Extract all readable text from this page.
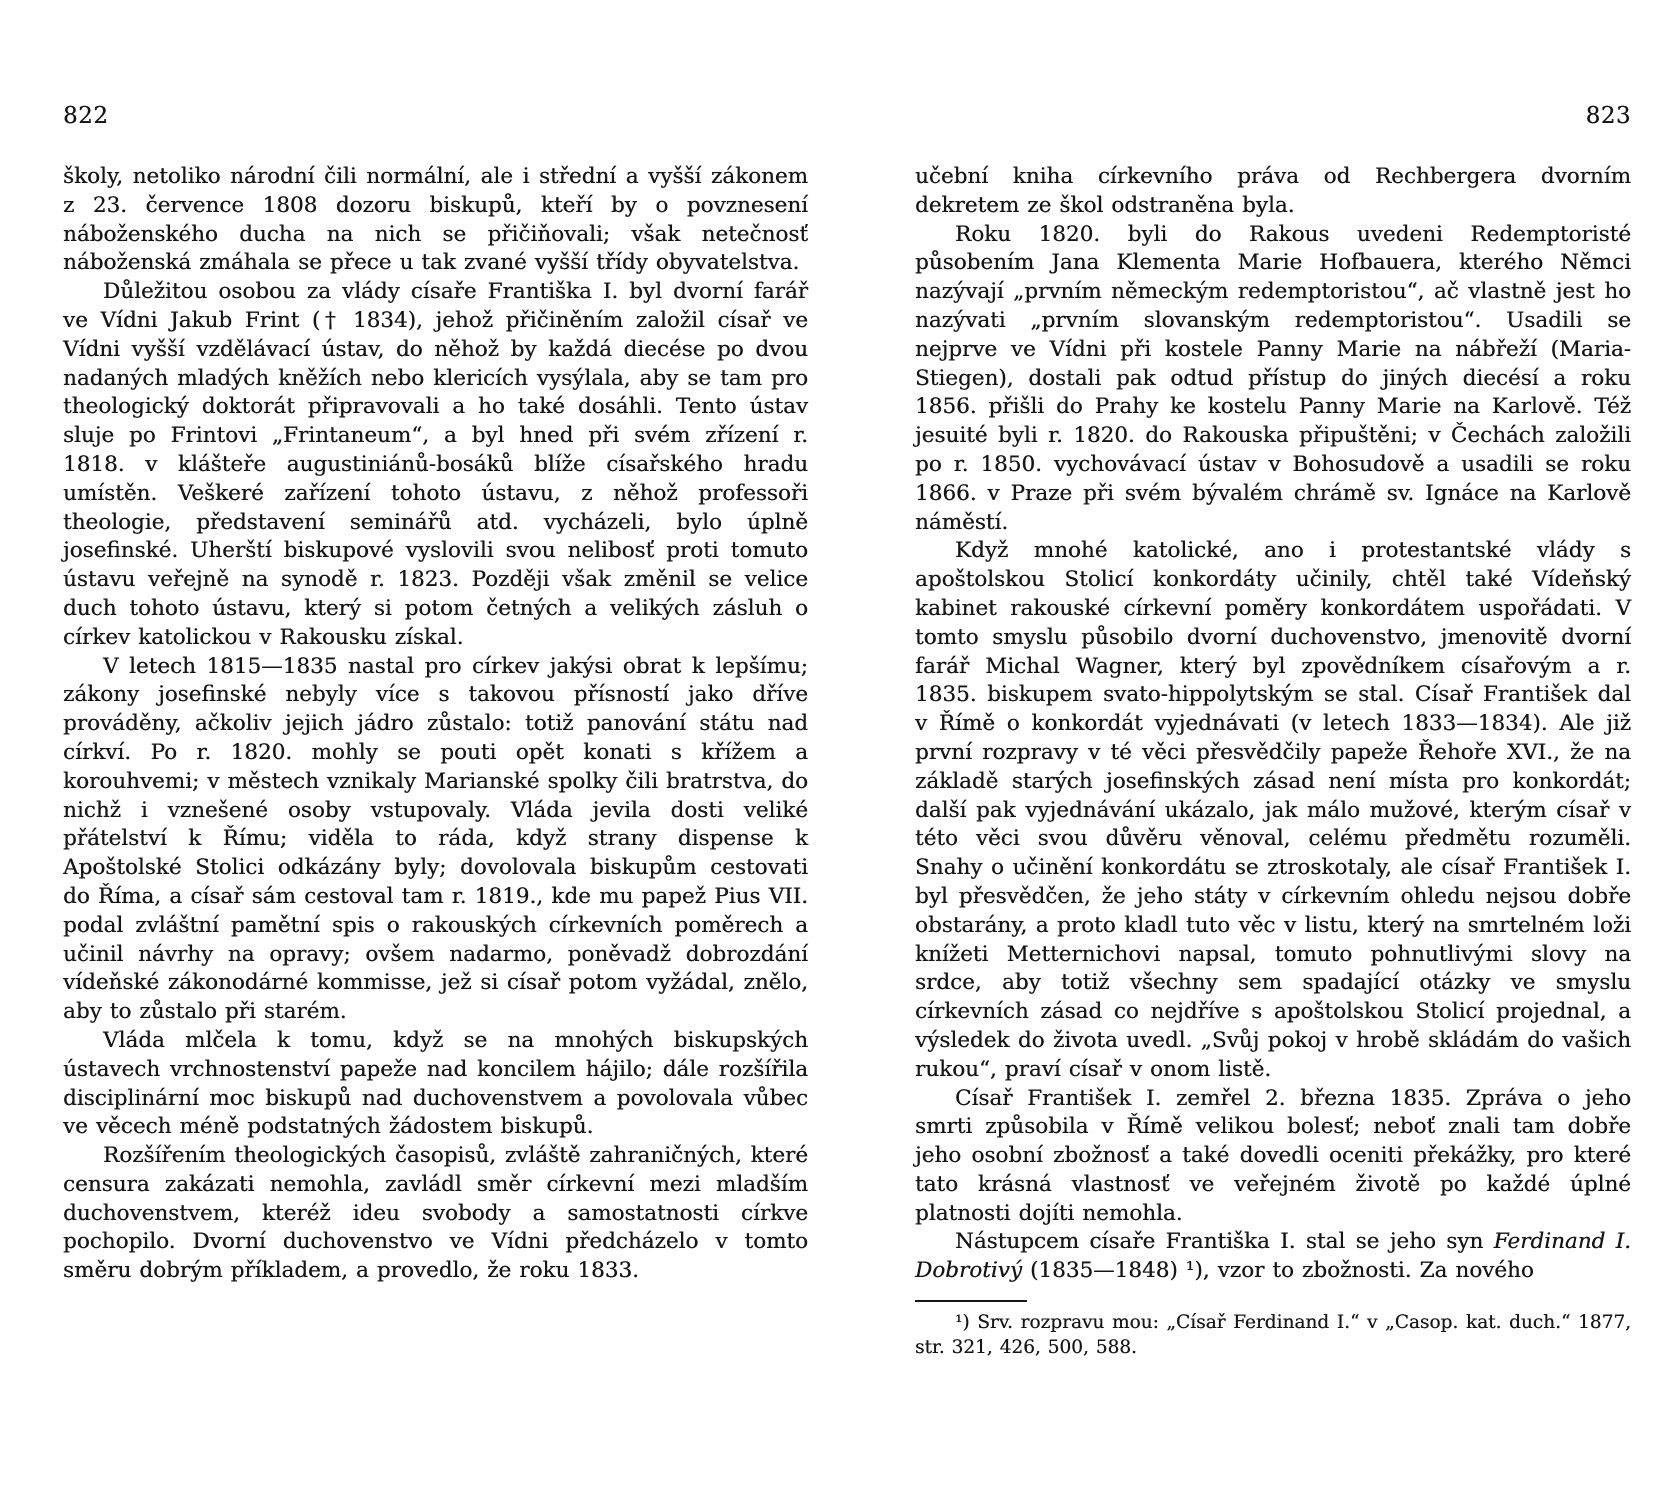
822

školy, netoliko národní čili normální, ale i střední a vyšší zákonem z 23. července 1808 dozoru biskupů, kteří by o povznesení náboženského ducha na nich se přičiňovali; však netečnosť náboženská zmáhala se přece u tak zvané vyšší třídy obyvatelstva.

Důležitou osobou za vlády císaře Františka I. byl dvorní farář ve Vídni Jakub Frint († 1834), jehož přičiněním založil císař ve Vídni vyšší vzdělávací ústav, do něhož by každá diecése po dvou nadaných mladých kněžích nebo klericích vysýlala, aby se tam pro theologický doktorát připravovali a ho také dosáhli. Tento ústav sluje po Frintovi „Frintaneum“, a byl hned při svém zřízení r. 1818. v klášteře augustiniánů-bosáků blíže císařského hradu umístěn. Veškeré zařízení tohoto ústavu, z něhož professoři theologie, představení seminářů atd. vycházeli, bylo úplně josefinské. Uherští biskupové vyslovili svou nelibosť proti tomuto ústavu veřejně na synodě r. 1823. Později však změnil se velice duch tohoto ústavu, který si potom četných a velikých zásluh o církev katolickou v Rakousku získal.

V letech 1815—1835 nastal pro církev jakýsi obrat k lepšímu; zákony josefinské nebyly více s takovou přísností jako dříve prováděny, ačkoliv jejich jádro zůstalo: totiž panování státu nad církví. Po r. 1820. mohly se pouti opět konati s křížem a korouhvemi; v městech vznikaly Marianské spolky čili bratrstva, do nichž i vznešené osoby vstupovaly. Vláda jevila dosti veliké přátelství k Římu; viděla to ráda, když strany dispense k Apoštolské Stolici odkázány byly; dovolovala biskupům cestovati do Říma, a císař sám cestoval tam r. 1819., kde mu papež Pius VII. podal zvláštní pamětní spis o rakouských církevních poměrech a učinil návrhy na opravy; ovšem nadarmo, poněvadž dobrozdání vídeňské zákonodárné kommisse, jež si císař potom vyžádal, znělo, aby to zůstalo při starém.

Vláda mlčela k tomu, když se na mnohých biskupských ústavech vrchnostenství papeže nad koncilem hájilo; dále rozšířila disciplinární moc biskupů nad duchovenstvem a povolovala vůbec ve věcech méně podstatných žádostem biskupů.

Rozšířením theologických časopisů, zvláště zahraničných, které censura zakázati nemohla, zavládl směr církevní mezi mladším duchovenstvem, kteréž ideu svobody a samostatnosti církve pochopilo. Dvorní duchovenstvo ve Vídni předcházelo v tomto směru dobrým příkladem, a provedlo, že roku 1833.

823

učební kniha církevního práva od Rechbergera dvorním dekretem ze škol odstraněna byla.

Roku 1820. byli do Rakous uvedeni Redemptoristé působením Jana Klementa Marie Hofbauera, kterého Němci nazývají „prvním německým redemptoristou“, ač vlastně jest ho nazývati „prvním slovanským redemptoristou“. Usadili se nejprve ve Vídni při kostele Panny Marie na nábřeží (Maria-Stiegen), dostali pak odtud přístup do jiných diecésí a roku 1856. přišli do Prahy ke kostelu Panny Marie na Karlově. Též jesuité byli r. 1820. do Rakouska připuštěni; v Čechách založili po r. 1850. vychovávací ústav v Bohosudově a usadili se roku 1866. v Praze při svém bývalém chrámě sv. Ignáce na Karlově náměstí.

Když mnohé katolické, ano i protestantské vlády s apoštolskou Stolicí konkordáty učinily, chtěl také Vídeňský kabinet rakouské církevní poměry konkordátem uspořádati. V tomto smyslu působilo dvorní duchovenstvo, jmenovitě dvorní farář Michal Wagner, který byl zpovědníkem císařovým a r. 1835. biskupem svato-hippolytským se stal. Císař František dal v Římě o konkordát vyjednávati (v letech 1833—1834). Ale již první rozpravy v té věci přesvědčily papeže Řehoře XVI., že na základě starých josefinských zásad není místa pro konkordát; další pak vyjednávání ukázalo, jak málo mužové, kterým císař v této věci svou důvěru věnoval, celému předmětu rozuměli. Snahy o učinění konkordátu se ztroskotaly, ale císař František I. byl přesvědčen, že jeho státy v církevním ohledu nejsou dobře obstarány, a proto kladl tuto věc v listu, který na smrtelném loži knížeti Metternichovi napsal, tomuto pohnutlivými slovy na srdce, aby totiž všechny sem spadající otázky ve smyslu církevních zásad co nejdříve s apoštolskou Stolicí projednal, a výsledek do života uvedl. „Svůj pokoj v hrobě skládám do vašich rukou“, praví císař v onom listě.

Císař František I. zemřel 2. března 1835. Zpráva o jeho smrti způsobila v Římě velikou bolesť; neboť znali tam dobře jeho osobní zbožnosť a také dovedli oceniti překážky, pro které tato krásná vlastnosť ve veřejném životě po každé úplné platnosti dojíti nemohla.

Nástupcem císaře Františka I. stal se jeho syn Ferdinand I. Dobrotivý (1835—1848) ¹), vzor to zbožnosti. Za nového

¹) Srv. rozpravu mou: „Císař Ferdinand I.“ v „Casop. kat. duch.“ 1877, str. 321, 426, 500, 588.
